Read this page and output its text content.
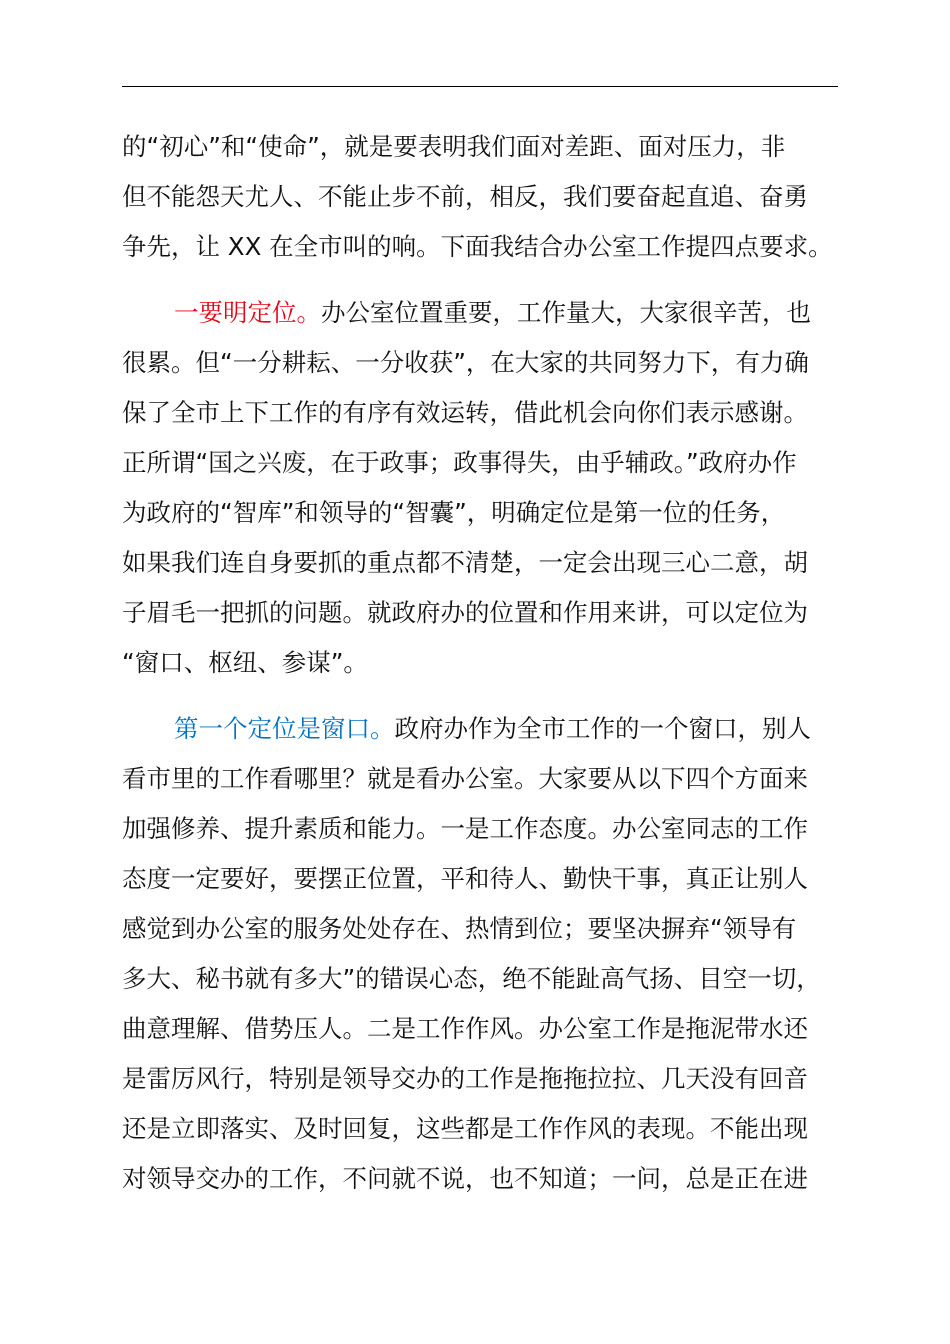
的“初心”和“使命”，就是要表明我们面对差距、面对压力，非
但不能怨天尤人、不能止步不前，相反，我们要奋起直追、奋勇
争先，让 XX 在全市叫的响。下面我结合办公室工作提四点要求。
一要明定位。办公室位置重要，工作量大，大家很辛苦，也
很累。但“一分耕耘、一分收获”，在大家的共同努力下，有力确
保了全市上下工作的有序有效运转，借此机会向你们表示感谢。
正所谓“国之兴废，在于政事；政事得失，由乎辅政。”政府办作
为政府的“智库”和领导的“智囊”，明确定位是第一位的任务，
如果我们连自身要抓的重点都不清楚，一定会出现三心二意，胡
子眉毛一把抓的问题。就政府办的位置和作用来讲，可以定位为
“窗口、枢纽、参谋”。
第一个定位是窗口。政府办作为全市工作的一个窗口，别人
看市里的工作看哪里？就是看办公室。大家要从以下四个方面来
加强修养、提升素质和能力。一是工作态度。办公室同志的工作
态度一定要好，要摆正位置，平和待人、勤快干事，真正让别人
感觉到办公室的服务处处存在、热情到位；要坚决摒弃“领导有
多大、秘书就有多大”的错误心态，绝不能趾高气扬、目空一切，
曲意理解、借势压人。二是工作作风。办公室工作是拖泥带水还
是雷厉风行，特别是领导交办的工作是拖拖拉拉、几天没有回音
还是立即落实、及时回复，这些都是工作作风的表现。不能出现
对领导交办的工作，不问就不说，也不知道；一问，总是正在进
